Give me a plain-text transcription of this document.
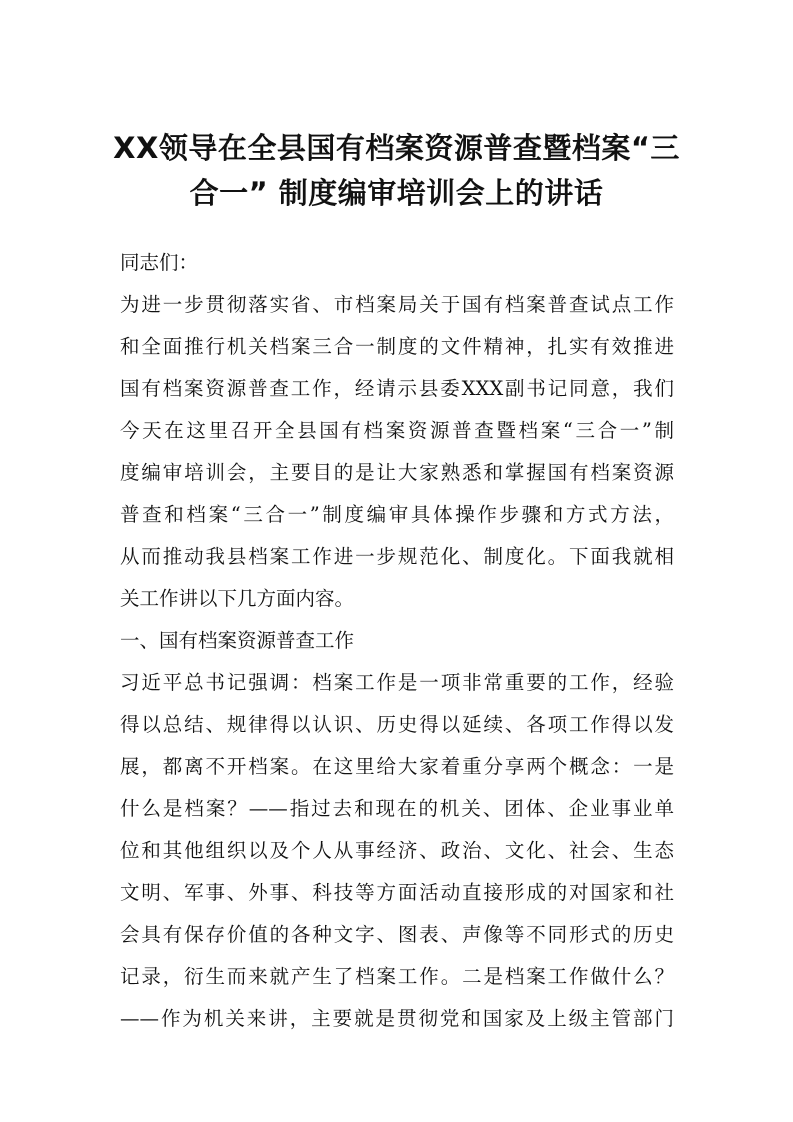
XX领导在全县国有档案资源普查暨档案“三
合一” 制度编审培训会上的讲话

同志们：

为进一步贯彻落实省、市档案局关于国有档案普查试点工作

和全面推行机关档案三合一制度的文件精神，扎实有效推进

国有档案资源普查工作，经请示县委XXX副书记同意，我们

今天在这里召开全县国有档案资源普查暨档案“三合一”制

度编审培训会，主要目的是让大家熟悉和掌握国有档案资源

普查和档案“三合一”制度编审具体操作步骤和方式方法，

从而推动我县档案工作进一步规范化、制度化。下面我就相

关工作讲以下几方面内容。

一、国有档案资源普查工作

习近平总书记强调：档案工作是一项非常重要的工作，经验

得以总结、规律得以认识、历史得以延续、各项工作得以发

展，都离不开档案。在这里给大家着重分享两个概念：一是

什么是档案？——指过去和现在的机关、团体、企业事业单

位和其他组织以及个人从事经济、政治、文化、社会、生态

文明、军事、外事、科技等方面活动直接形成的对国家和社

会具有保存价值的各种文字、图表、声像等不同形式的历史

记录，衍生而来就产生了档案工作。二是档案工作做什么？

——作为机关来讲，主要就是贯彻党和国家及上级主管部门
